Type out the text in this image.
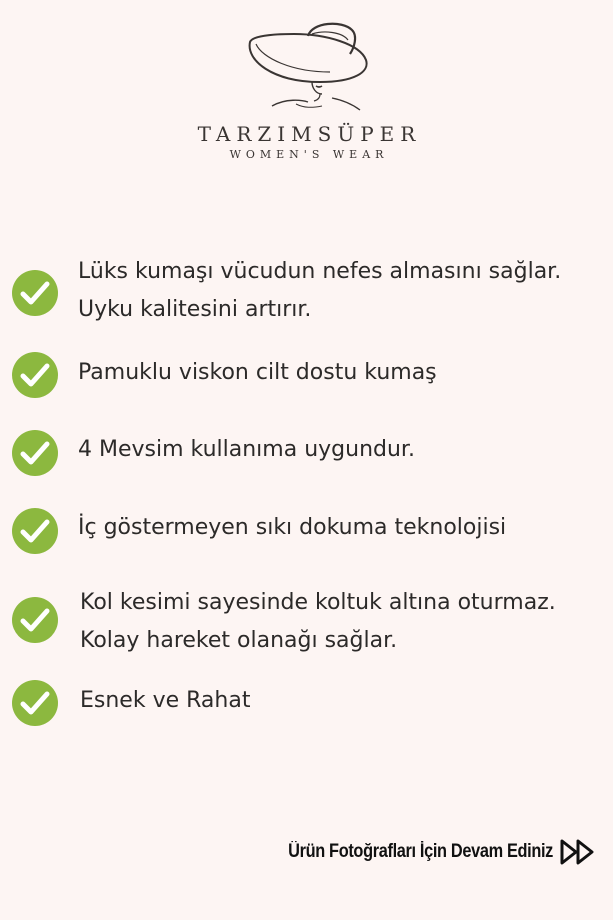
TARZIMSÜPER
WOMEN'S WEAR
Lüks kumaşı vücudun nefes almasını sağlar.
Uyku kalitesini artırır.
Pamuklu viskon cilt dostu kumaş
4 Mevsim kullanıma uygundur.
İç göstermeyen sıkı dokuma teknolojisi
Kol kesimi sayesinde koltuk altına oturmaz.
Kolay hareket olanağı sağlar.
Esnek ve Rahat
Ürün Fotoğrafları İçin Devam Ediniz
